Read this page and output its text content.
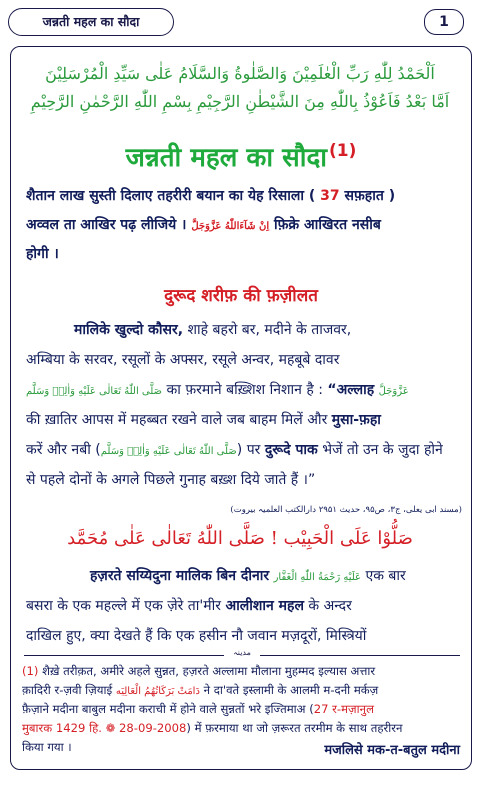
जन्नती महल का सौदा	1
اَلْحَمْدُ لِلّٰهِ رَبِّ الْعٰلَمِیْنَ وَالصَّلٰوةُ وَالسَّلَامُ عَلٰی سَیِّدِ الْمُرْسَلِیْنَ
اَمَّا بَعْدُ فَاَعُوْذُ بِاللّٰهِ مِنَ الشَّیْطٰنِ الرَّجِیْمِ بِسْمِ اللّٰهِ الرَّحْمٰنِ الرَّحِیْمِ
जन्नती महल का सौदा $^{(1)}$
शैतान लाख सुस्ती दिलाए तहरीरी बयान का येह रिसाला ( 37 सफ़हात )
अव्वल ता आखिर पढ़ लीजिये । اِنْ شَآءَاللّٰهُ عَزَّوَجَلَّ फ़िक्रे आखिरत नसीब
होगी ।
दुरूद शरीफ़ की फ़ज़ीलत
मालिके खुल्दो कौसर, शाहे बहरो बर, मदीने के ताजवर,
अम्बिया के सरवर, रसूलों के अफ्सर, रसूले अन्वर, महबूबे दावर
صَلَّى اللّٰهُ تَعَالٰى عَلَيْهِ وَاٰلِهٖ وَسَلَّم का फ़रमाने बख़्शिश निशान है : “अल्लाह عَزَّوَجَلَّ
की ख़ातिर आपस में महब्बत रखने वाले जब बाहम मिलें और मुसा-फ़हा
करें और नबी (صَلَّى اللّٰهُ تَعَالٰى عَلَيْهِ وَاٰلِهٖ وَسَلَّم) पर दुरूदे पाक भेजें तो उन के जुदा होने
से पहले दोनों के अगले पिछले गुनाह बख़्श दिये जाते हैं ।”
(مسند ابی یعلی، ج۳، ص۹۵، حدیث ۲۹۵۱ دارالکتب العلمیہ بیروت)
صَلُّوْا عَلَى الْحَبِيْب ! صَلَّى اللّٰهُ تَعَالٰى عَلٰى مُحَمَّد
हज़रते सय्यिदुना मालिक बिन दीनार عَلَيْهِ رَحْمَةُ اللّٰهِ الْغَفَّار एक बार
बसरा के एक महल्ले में एक ज़ेरे ता'मीर आलीशान महल के अन्दर
दाखिल हुए, क्या देखते हैं कि एक हसीन नौ जवान मज़दूरों, मिस्त्रियों
مدینہ
(1) शैख़े तरीक़त, अमीरे अहले सुन्नत, हज़रते अल्लामा मौलाना मुहम्मद इल्यास अत्तार
क़ादिरी र-ज़वी ज़ियाई دَامَتْ بَرَكَاتُهُمُ الْعَالِيَه ने दा'वते इस्लामी के आलमी म-दनी मर्कज़
फ़ैज़ाने मदीना बाबुल मदीना कराची में होने वाले सुन्नतों भरे इज्तिमाअ (27 र-मज़ानुल
मुबारक 1429 हि. ❁ 28-09-2008) में फ़रमाया था जो ज़रूरत तरमीम के साथ तहरीरन
किया गया ।	मजलिसे मक-त-बतुल मदीना
